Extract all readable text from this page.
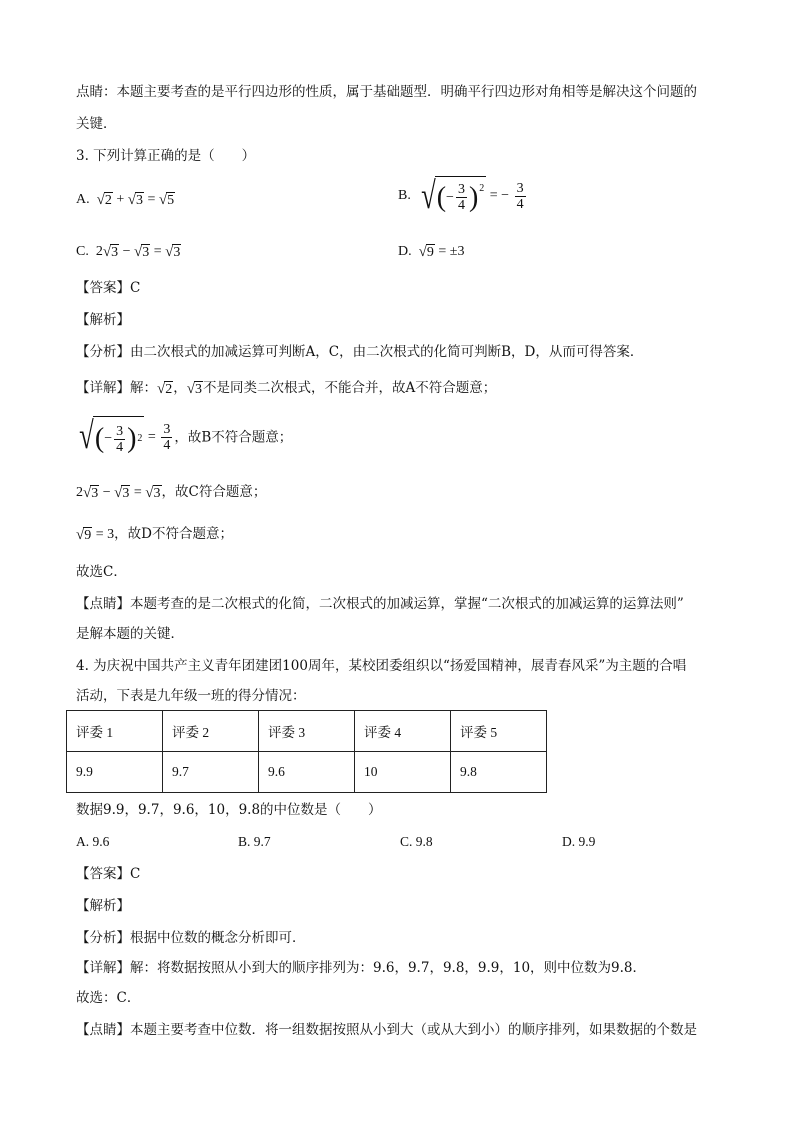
点睛：本题主要考查的是平行四边形的性质，属于基础题型．明确平行四边形对角相等是解决这个问题的
关键．
3. 下列计算正确的是（　　）
A. √ 2 + √ 3 = √ 5	B. √ ( − $\frac{3}{4}$ ) 2 = − $\frac{3}{4}$
C. 2 √ 3 − √ 3 = √ 3	D. √ 9 = ±3
【答案】C
【解析】
【分析】由二次根式的加减运算可判断A，C，由二次根式的化简可判断B，D，从而可得答案．
【详解】解： √ 2 ， √ 3 不是同类二次根式，不能合并，故A不符合题意；
√ ( − $\frac{3}{4}$ ) $2 = \frac{3}{4}$ ，故B不符合题意；
2 √ 3 − √ 3 = √ 3 ，故C符合题意；
√ 9 = 3，故D不符合题意；
故选C．
【点睛】本题考查的是二次根式的化简，二次根式的加减运算，掌握“二次根式的加减运算的运算法则”
是解本题的关键．
4. 为庆祝中国共产主义青年团建团100周年，某校团委组织以“扬爱国精神，展青春风采”为主题的合唱
活动，下表是九年级一班的得分情况：
评委 1	评委 2	评委 3	评委 4	评委 5
9.9	9.7	9.6	10	9.8
数据9.9，9.7，9.6，10，9.8的中位数是（　　）
A. 9.6	B. 9.7	C. 9.8	D. 9.9
【答案】C
【解析】
【分析】根据中位数的概念分析即可．
【详解】解：将数据按照从小到大的顺序排列为：9.6，9.7，9.8，9.9，10，则中位数为9.8．
故选：C．
【点睛】本题主要考查中位数．将一组数据按照从小到大（或从大到小）的顺序排列，如果数据的个数是
